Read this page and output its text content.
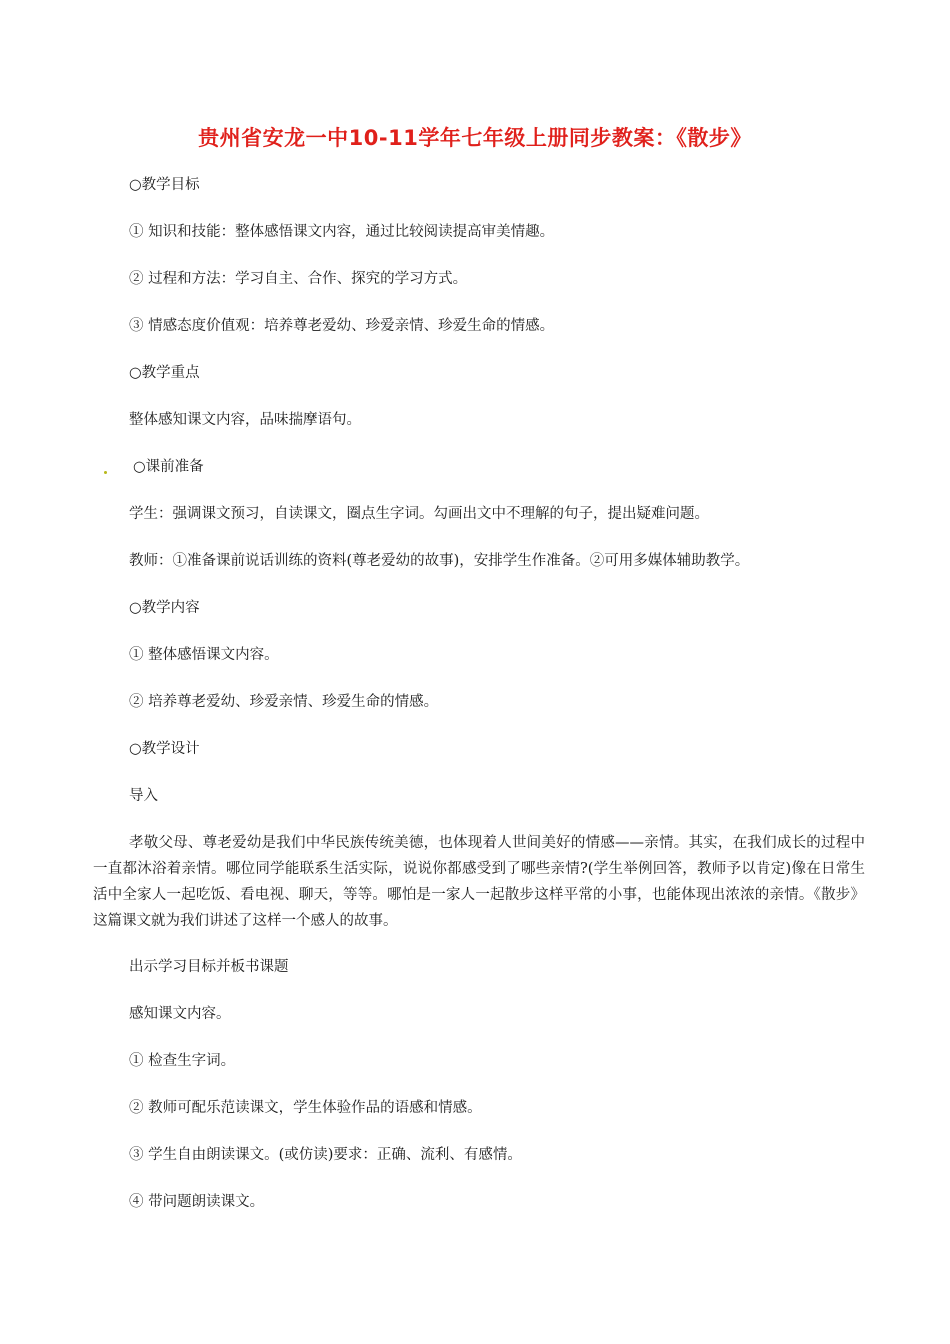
贵州省安龙一中10-11学年七年级上册同步教案：《散步》
○教学目标
① 知识和技能：整体感悟课文内容，通过比较阅读提高审美情趣。
② 过程和方法：学习自主、合作、探究的学习方式。
③ 情感态度价值观：培养尊老爱幼、珍爱亲情、珍爱生命的情感。
○教学重点
整体感知课文内容，品味揣摩语句。
○课前准备
学生：强调课文预习，自读课文，圈点生字词。勾画出文中不理解的句子，提出疑难问题。
教师：①准备课前说话训练的资料(尊老爱幼的故事)，安排学生作准备。②可用多媒体辅助教学。
○教学内容
① 整体感悟课文内容。
② 培养尊老爱幼、珍爱亲情、珍爱生命的情感。
○教学设计
导入
孝敬父母、尊老爱幼是我们中华民族传统美德，也体现着人世间美好的情感——亲情。其实，在我们成长的过程中一直都沐浴着亲情。哪位同学能联系生活实际，说说你都感受到了哪些亲情?(学生举例回答，教师予以肯定)像在日常生活中全家人一起吃饭、看电视、聊天，等等。哪怕是一家人一起散步这样平常的小事，也能体现出浓浓的亲情。《散步》这篇课文就为我们讲述了这样一个感人的故事。
出示学习目标并板书课题
感知课文内容。
① 检查生字词。
② 教师可配乐范读课文，学生体验作品的语感和情感。
③ 学生自由朗读课文。(或仿读)要求：正确、流利、有感情。
④ 带问题朗读课文。
